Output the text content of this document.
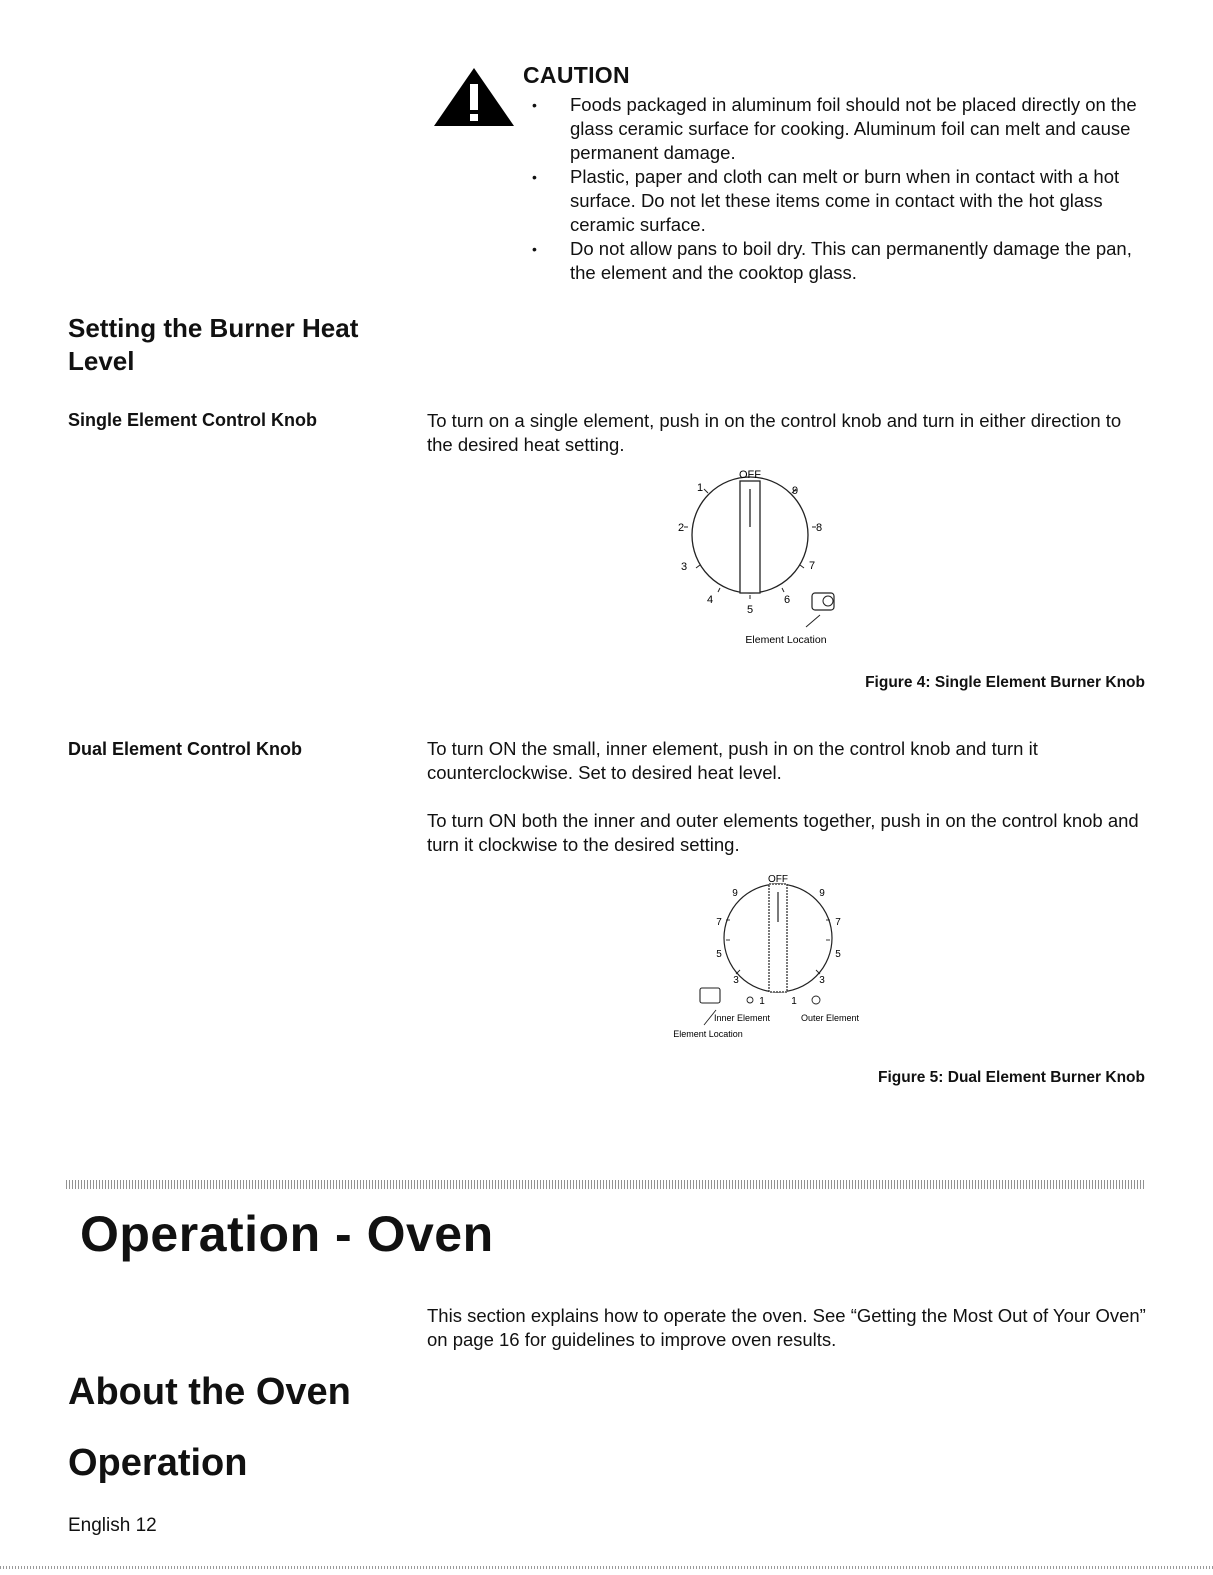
CAUTION
• Foods packaged in aluminum foil should not be placed directly on the glass ceramic surface for cooking. Aluminum foil can melt and cause permanent damage.
• Plastic, paper and cloth can melt or burn when in contact with a hot surface. Do not let these items come in contact with the hot glass ceramic surface.
• Do not allow pans to boil dry. This can permanently damage the pan, the element and the cooktop glass.
Setting the Burner Heat Level
Single Element Control Knob	To turn on a single element, push in on the control knob and turn in either direction to the desired heat setting.
OFF
1
2
3
4
5
6
7
8
9
Element Location
Figure 4: Single Element Burner Knob
Dual Element Control Knob	To turn ON the small, inner element, push in on the control knob and turn it counterclockwise. Set to desired heat level.
To turn ON both the inner and outer elements together, push in on the control knob and turn it clockwise to the desired setting.
OFF
9
7
5
3
1
9
7
5
3
1
Inner Element	Outer Element
Element Location
Figure 5: Dual Element Burner Knob
Operation - Oven
This section explains how to operate the oven. See “Getting the Most Out of Your Oven” on page 16 for guidelines to improve oven results.
About the Oven
Operation
English 12
